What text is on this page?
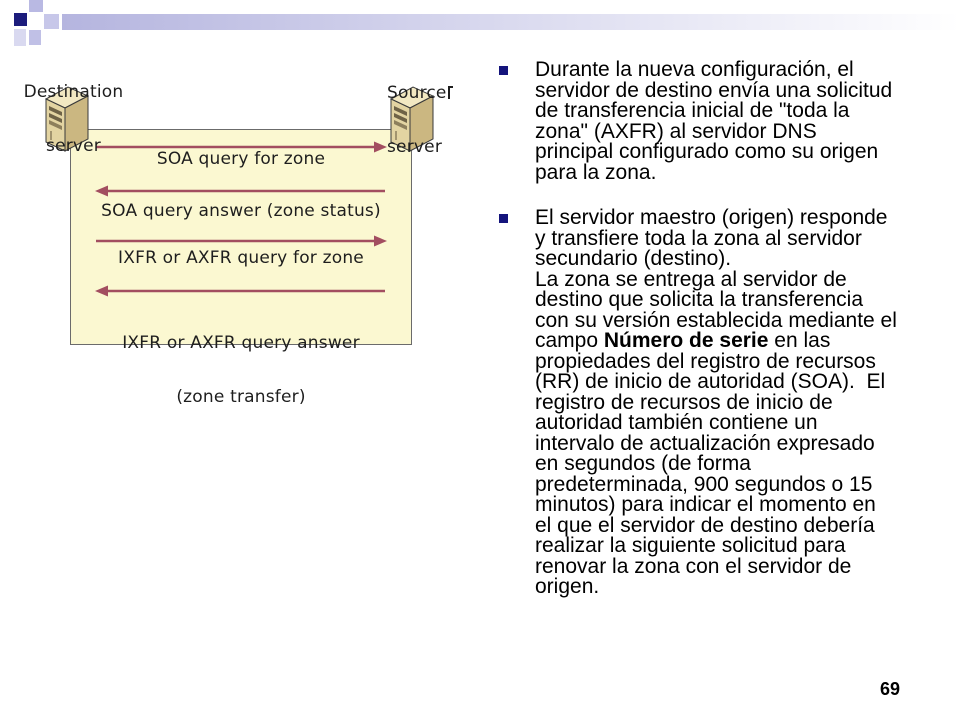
Destination

server

Source

server

SOA query for zone
SOA query answer (zone status)
IXFR or AXFR query for zone

IXFR or AXFR query answer

(zone transfer)

Durante la nueva configuración, el
servidor de destino envía una solicitud
de transferencia inicial de "toda la
zona" (AXFR) al servidor DNS
principal configurado como su origen
para la zona.
El servidor maestro (origen) responde
y transfiere toda la zona al servidor
secundario (destino).
La zona se entrega al servidor de
destino que solicita la transferencia
con su versión establecida mediante el
campo Número de serie en las
propiedades del registro de recursos
(RR) de inicio de autoridad (SOA).  El
registro de recursos de inicio de
autoridad también contiene un
intervalo de actualización expresado
en segundos (de forma
predeterminada, 900 segundos o 15
minutos) para indicar el momento en
el que el servidor de destino debería
realizar la siguiente solicitud para
renovar la zona con el servidor de
origen.
69
